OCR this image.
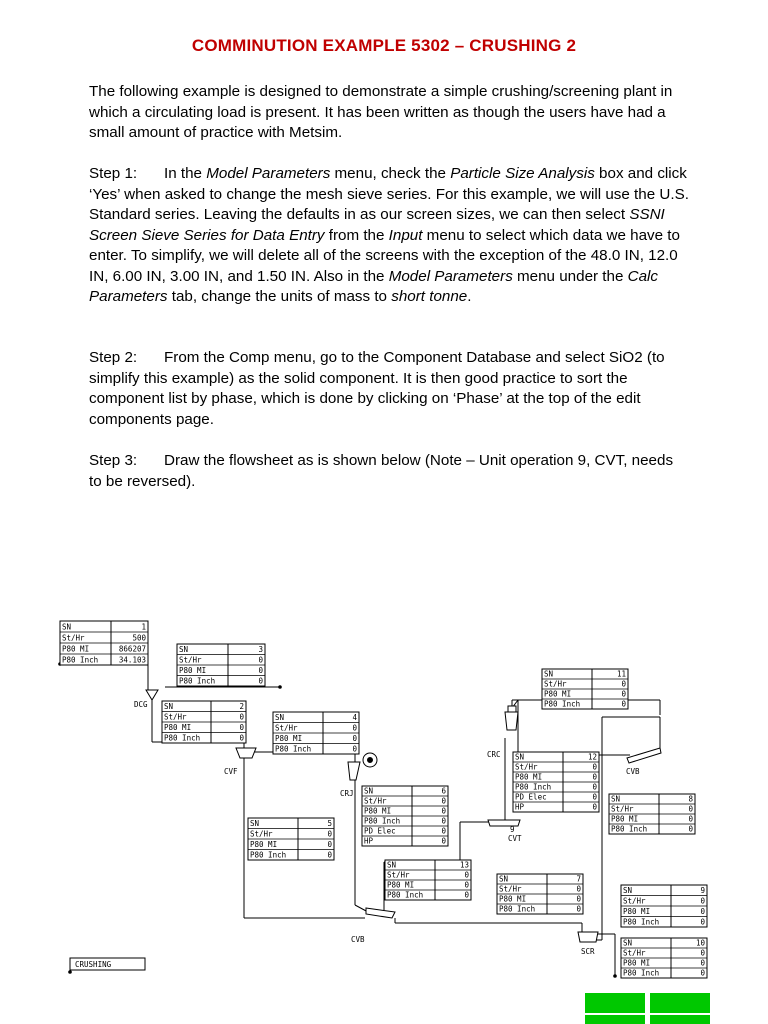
COMMINUTION EXAMPLE 5302 – CRUSHING 2
The following example is designed to demonstrate a simple crushing/screening plant in which a circulating load is present. It has been written as though the users have had a small amount of practice with Metsim.
Step 1: In the Model Parameters menu, check the Particle Size Analysis box and click ‘Yes’ when asked to change the mesh sieve series. For this example, we will use the U.S. Standard series. Leaving the defaults in as our screen sizes, we can then select SSNI Screen Sieve Series for Data Entry from the Input menu to select which data we have to enter. To simplify, we will delete all of the screens with the exception of the 48.0 IN, 12.0 IN, 6.00 IN, 3.00 IN, and 1.50 IN. Also in the Model Parameters menu under the Calc Parameters tab, change the units of mass to short tonne.
Step 2: From the Comp menu, go to the Component Database and select SiO2 (to simplify this example) as the solid component. It is then good practice to sort the component list by phase, which is done by clicking on ‘Phase’ at the top of the edit components page.
Step 3: Draw the flowsheet as is shown below (Note – Unit operation 9, CVT, needs to be reversed).
SN	1
St/Hr	500
P80 MI	866207
P80 Inch	34.103
SN	3
St/Hr	0
P80 MI	0
P80 Inch	0
SN	2
St/Hr	0
P80 MI	0
P80 Inch	0
SN	4
St/Hr	0
P80 MI	0
P80 Inch	0
SN	11
St/Hr	0
P80 MI	0
P80 Inch	0
SN	12
St/Hr	0
P80 MI	0
P80 Inch	0
PD Elec	0
HP	0
SN	6
St/Hr	0
P80 MI	0
P80 Inch	0
PD Elec	0
HP	0
SN	8
St/Hr	0
P80 MI	0
P80 Inch	0
SN	5
St/Hr	0
P80 MI	0
P80 Inch	0
SN	13
St/Hr	0
P80 MI	0
P80 Inch	0
SN	7
St/Hr	0
P80 MI	0
P80 Inch	0
SN	9
St/Hr	0
P80 MI	0
P80 Inch	0
SN	10
St/Hr	0
P80 MI	0
P80 Inch	0
DCG
CVF
CRJ
CRC
CVB
9
CVT
CVB
SCR
CRUSHING
